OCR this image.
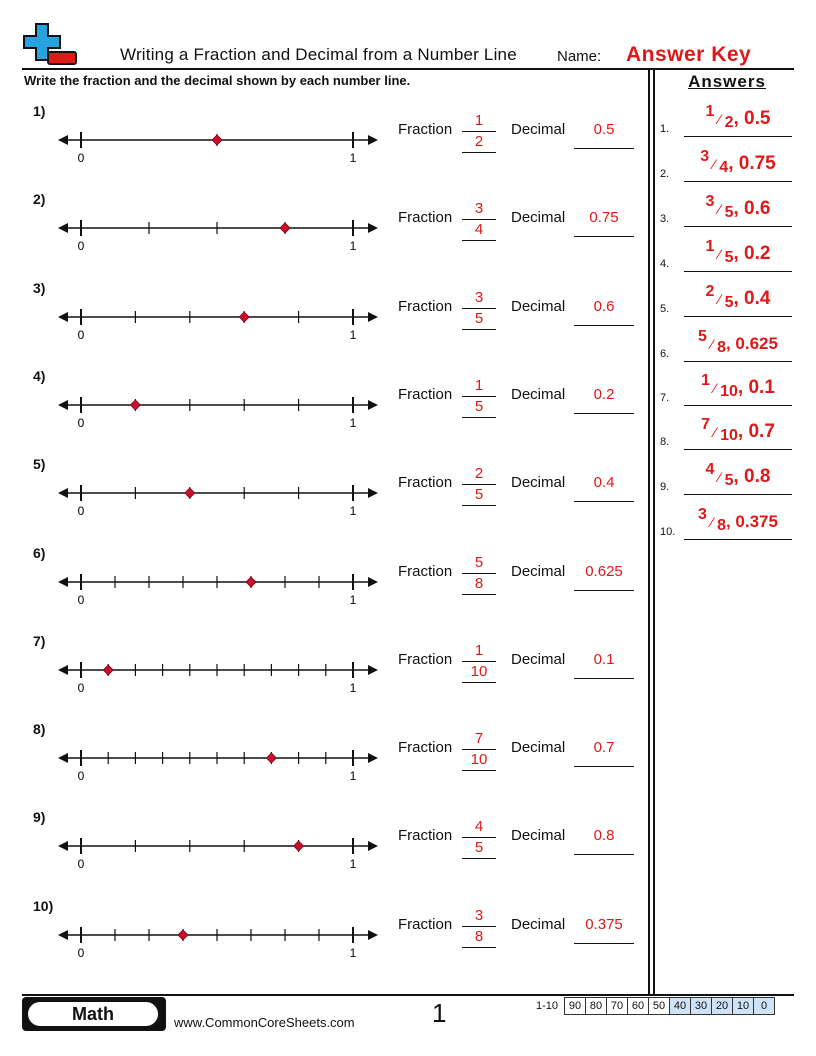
Writing a Fraction and Decimal from a Number Line	Name: Answer Key
Write the fraction and the decimal shown by each number line.	Answers
1)
0	1
Fraction
1
2
Decimal	0.5
2)
0	1
Fraction
3
4
Decimal	0.75
3)
0	1
Fraction
3
5
Decimal	0.6
4)
0	1
Fraction
1
5
Decimal	0.2
5)
0	1
Fraction
2
5
Decimal	0.4
6)
0	1
Fraction
5
8
Decimal	0.625
7)
0	1
Fraction
1
10
Decimal	0.1
8)
0	1
Fraction
7
10
Decimal	0.7
9)
0	1
Fraction
4
5
Decimal	0.8
10)
0	1
Fraction
3
8
Decimal	0.375
1.
$^1$ ⁄ $_2$, 0.5
2.
$^3$ ⁄ $_4$, 0.75
3.
$^3$ ⁄ $_5$, 0.6
4.
$^1$ ⁄ $_5$, 0.2
5.
$^2$ ⁄ $_5$, 0.4
6.
$^5$ ⁄ $_8$, 0.625
7.
$^1$ ⁄ $_{10}$, 0.1
8.
$^7$ ⁄ $_{10}$, 0.7
9.
$^4$ ⁄ $_5$, 0.8
10.
$^3$ ⁄ $_8$, 0.375
Math	www.CommonCoreSheets.com	1	1-10 90 80 70 60 50 40 30 20 10	0
